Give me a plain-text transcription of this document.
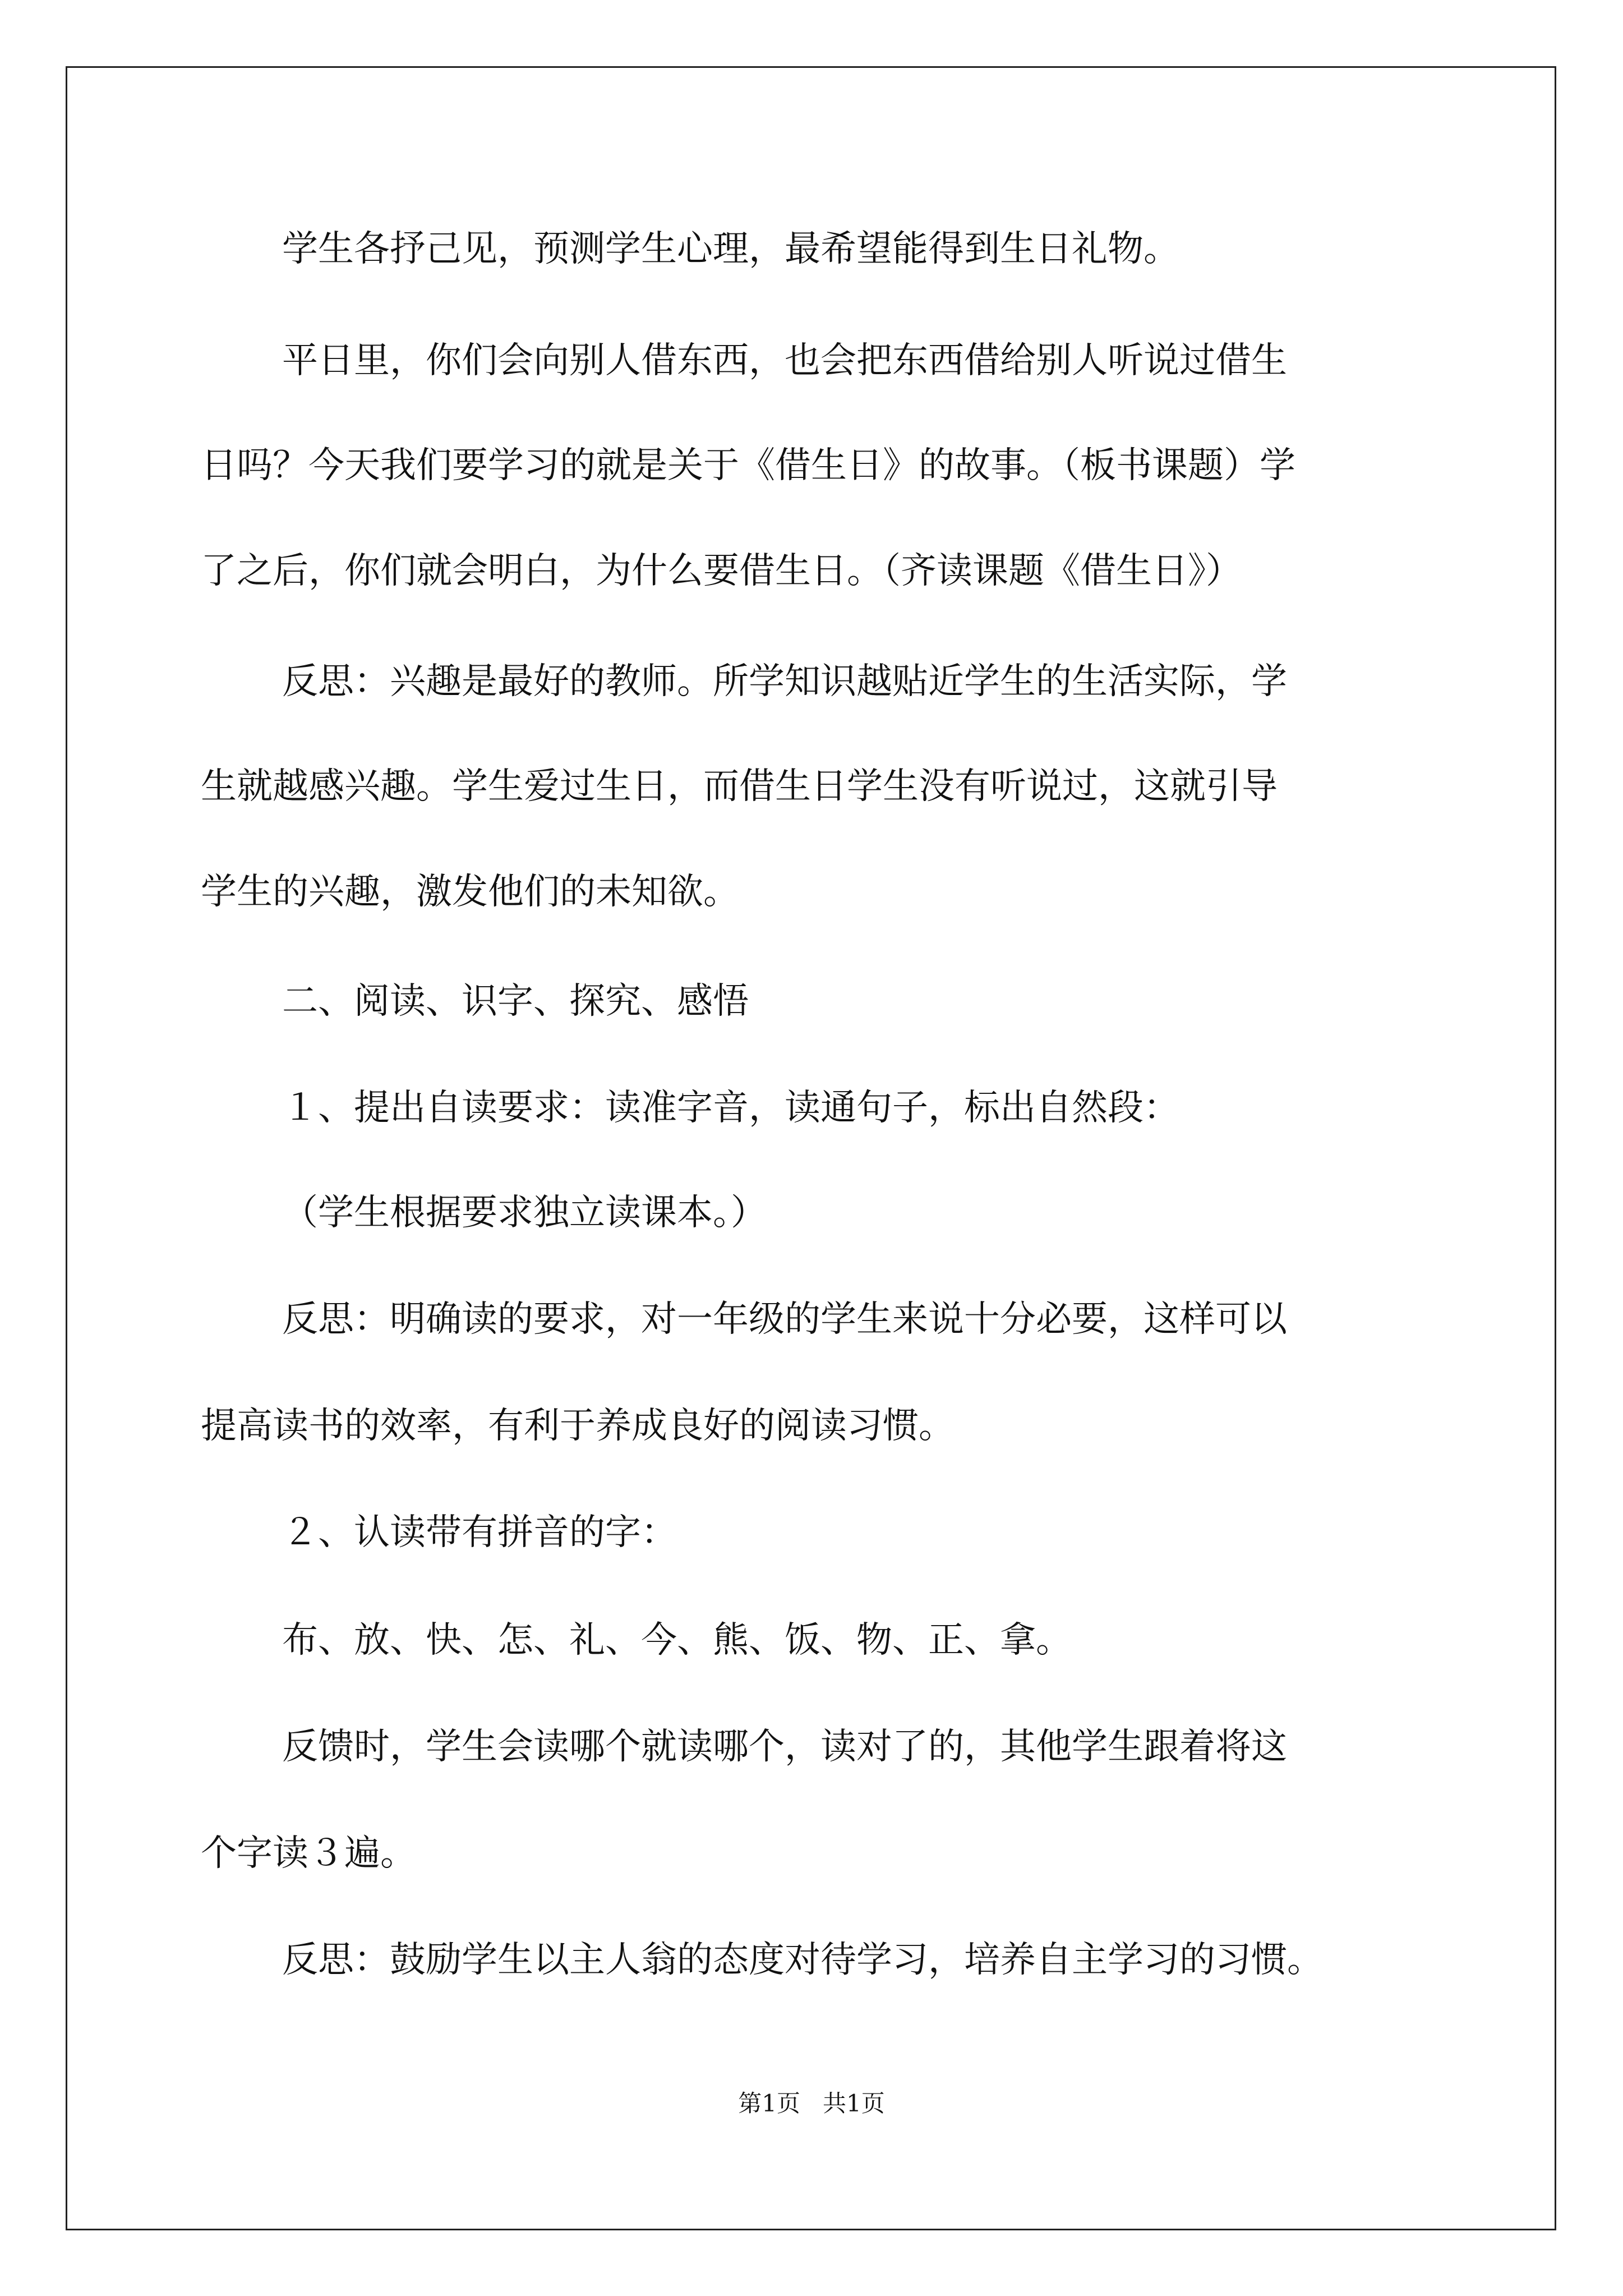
学生各抒己见，预测学生心理，最希望能得到生日礼物。

平日里，你们会向别人借东西，也会把东西借给别人听说过借生

日吗？今天我们要学习的就是关于《借生日》的故事。（板书课题）学

了之后，你们就会明白，为什么要借生日。（齐读课题《借生日》）

反思：兴趣是最好的教师。所学知识越贴近学生的生活实际，学

生就越感兴趣。学生爱过生日，而借生日学生没有听说过，这就引导

学生的兴趣，激发他们的未知欲。

二、阅读、识字、探究、感悟

１、提出自读要求：读准字音，读通句子，标出自然段：

（学生根据要求独立读课本。）

反思：明确读的要求，对一年级的学生来说十分必要，这样可以

提高读书的效率，有利于养成良好的阅读习惯。

２、认读带有拼音的字：

布、放、快、怎、礼、今、熊、饭、物、正、拿。

反馈时，学生会读哪个就读哪个，读对了的，其他学生跟着将这

个字读３遍。

反思：鼓励学生以主人翁的态度对待学习，培养自主学习的习惯。

第1页   共1页
